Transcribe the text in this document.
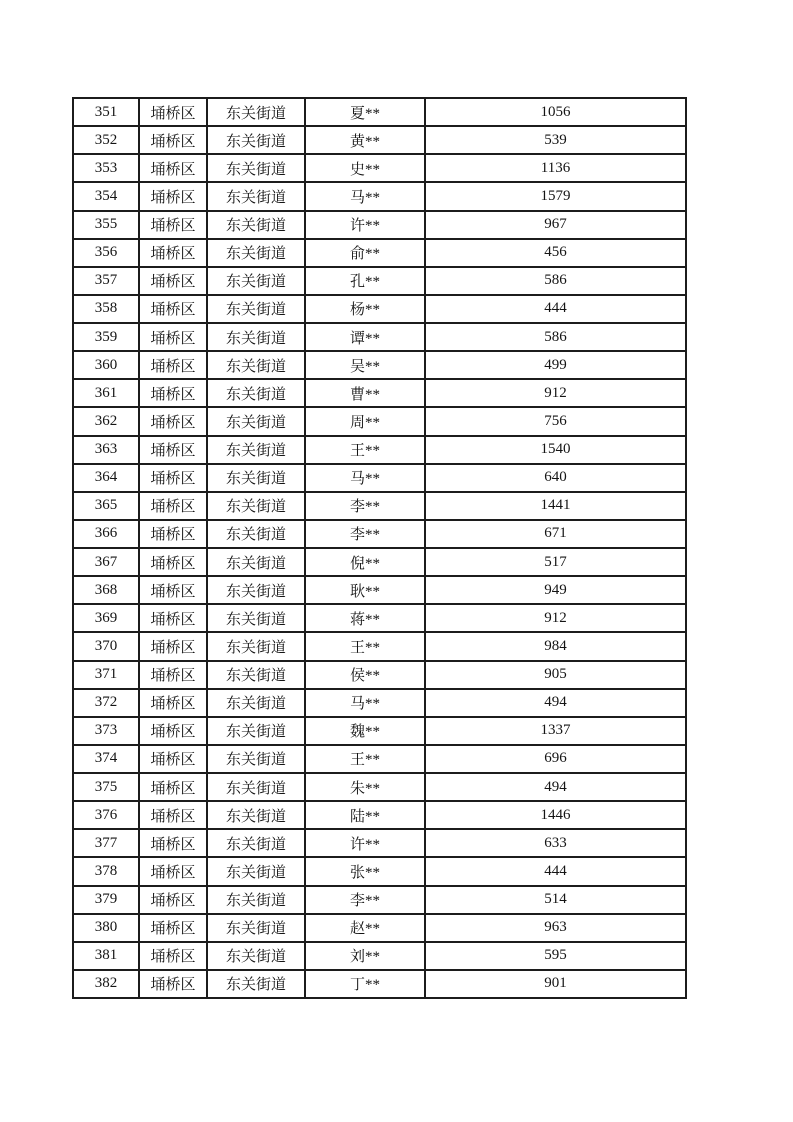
351	埇桥区	东关街道	夏**	1056
352	埇桥区	东关街道	黄**	539
353	埇桥区	东关街道	史**	1136
354	埇桥区	东关街道	马**	1579
355	埇桥区	东关街道	许**	967
356	埇桥区	东关街道	俞**	456
357	埇桥区	东关街道	孔**	586
358	埇桥区	东关街道	杨**	444
359	埇桥区	东关街道	谭**	586
360	埇桥区	东关街道	吴**	499
361	埇桥区	东关街道	曹**	912
362	埇桥区	东关街道	周**	756
363	埇桥区	东关街道	王**	1540
364	埇桥区	东关街道	马**	640
365	埇桥区	东关街道	李**	1441
366	埇桥区	东关街道	李**	671
367	埇桥区	东关街道	倪**	517
368	埇桥区	东关街道	耿**	949
369	埇桥区	东关街道	蒋**	912
370	埇桥区	东关街道	王**	984
371	埇桥区	东关街道	侯**	905
372	埇桥区	东关街道	马**	494
373	埇桥区	东关街道	魏**	1337
374	埇桥区	东关街道	王**	696
375	埇桥区	东关街道	朱**	494
376	埇桥区	东关街道	陆**	1446
377	埇桥区	东关街道	许**	633
378	埇桥区	东关街道	张**	444
379	埇桥区	东关街道	李**	514
380	埇桥区	东关街道	赵**	963
381	埇桥区	东关街道	刘**	595
382	埇桥区	东关街道	丁**	901
